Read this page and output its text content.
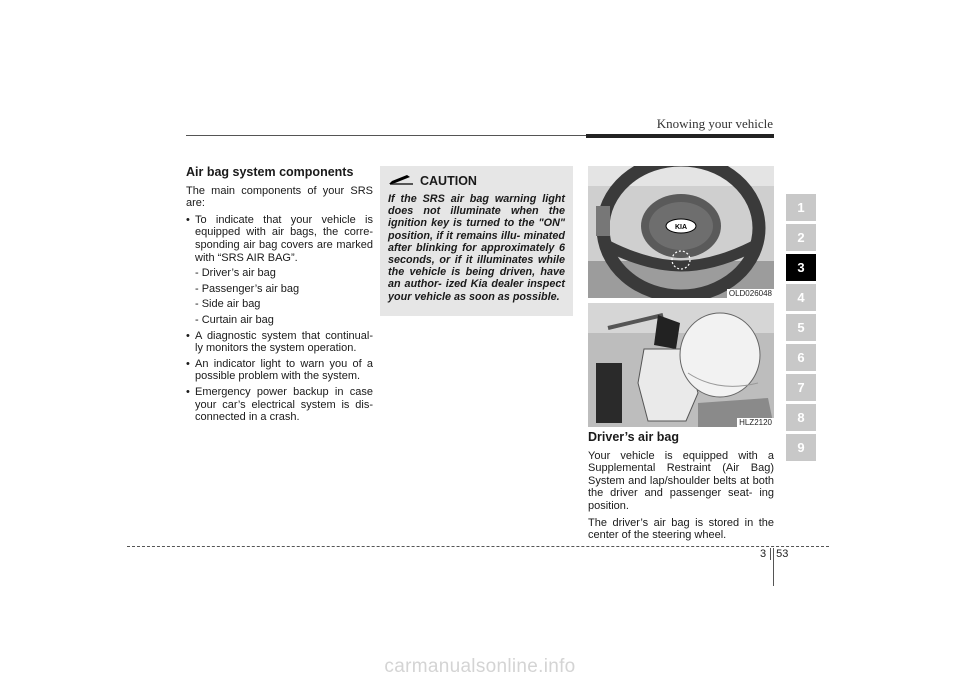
Knowing your vehicle
Air bag system components

The main components of your SRS are:

• To indicate that your vehicle is equipped with air bags, the corre- sponding air bag covers are marked with “SRS AIR BAG”.
- Driver’s air bag
- Passenger’s air bag
- Side air bag
- Curtain air bag
• A diagnostic system that continual- ly monitors the system operation.
• An indicator light to warn you of a possible problem with the system.
• Emergency power backup in case your car’s electrical system is dis- connected in a crash.
CAUTION

If the SRS air bag warning light does not illuminate when the ignition key is turned to the "ON" position, if it remains illu- minated after blinking for approximately 6 seconds, or if it illuminates while the vehicle is being driven, have an author- ized Kia dealer inspect your vehicle as soon as possible.

KIA
OLD026048
HLZ2120
Driver’s air bag

Your vehicle is equipped with a Supplemental Restraint (Air Bag) System and lap/shoulder belts at both the driver and passenger seat- ing position.

The driver’s air bag is stored in the center of the steering wheel.

1
2
3
4
5
6
7
8
9
3 53
carmanualsonline.info
